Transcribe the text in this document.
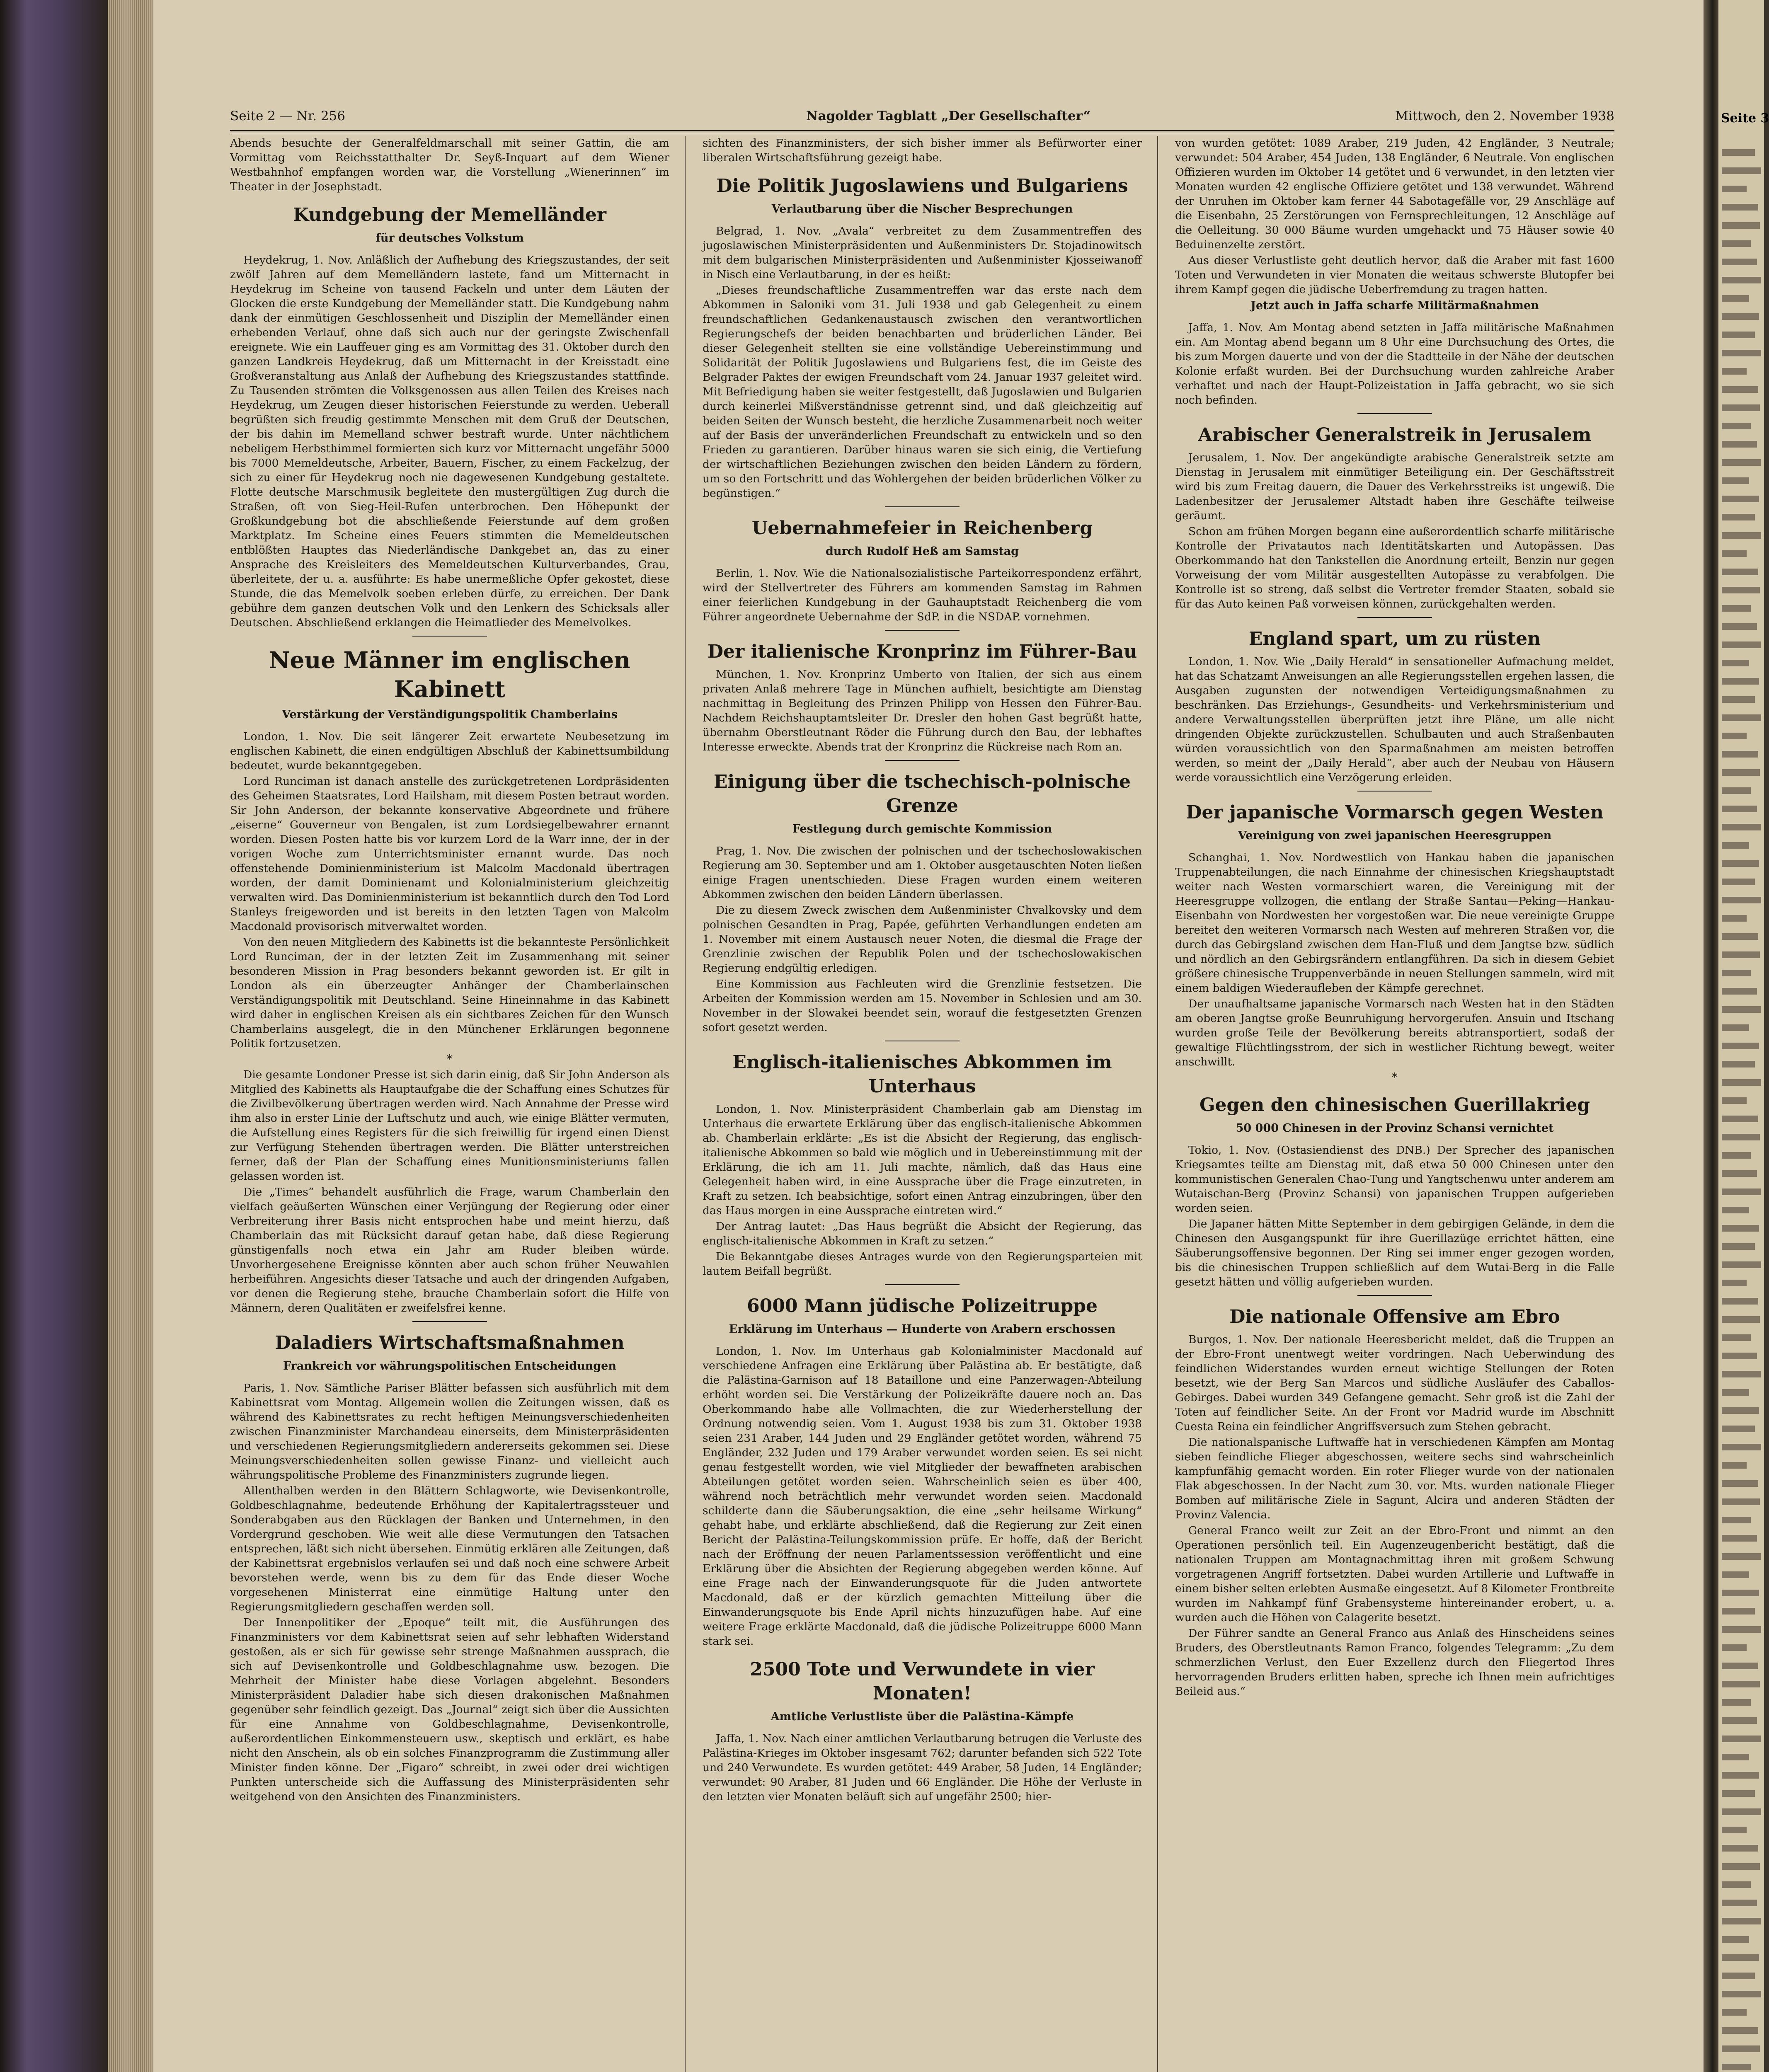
Seite 2 — Nr. 256	Nagolder Tagblatt „Der Gesellschafter“	Mittwoch, den 2. November 1938

Abends besuchte der Generalfeldmarschall mit seiner Gattin, die am Vormittag vom Reichsstatthalter Dr. Seyß-Inquart auf dem Wiener Westbahnhof empfangen worden war, die Vorstellung „Wienerinnen“ im Theater in der Josephstadt.

Kundgebung der Memelländer
für deutsches Volkstum

Heydekrug, 1. Nov. Anläßlich der Aufhebung des Kriegszustandes, der seit zwölf Jahren auf dem Memelländern lastete, fand um Mitternacht in Heydekrug im Scheine von tausend Fackeln und unter dem Läuten der Glocken die erste Kundgebung der Memelländer statt. Die Kundgebung nahm dank der einmütigen Geschlossenheit und Disziplin der Memelländer einen erhebenden Verlauf, ohne daß sich auch nur der geringste Zwischenfall ereignete. Wie ein Lauffeuer ging es am Vormittag des 31. Oktober durch den ganzen Landkreis Heydekrug, daß um Mitternacht in der Kreisstadt eine Großveranstaltung aus Anlaß der Aufhebung des Kriegszustandes stattfinde. Zu Tausenden strömten die Volksgenossen aus allen Teilen des Kreises nach Heydekrug, um Zeugen dieser historischen Feierstunde zu werden. Ueberall begrüßten sich freudig gestimmte Menschen mit dem Gruß der Deutschen, der bis dahin im Memelland schwer bestraft wurde. Unter nächtlichem nebeligem Herbsthimmel formierten sich kurz vor Mitternacht ungefähr 5000 bis 7000 Memeldeutsche, Arbeiter, Bauern, Fischer, zu einem Fackelzug, der sich zu einer für Heydekrug noch nie dagewesenen Kundgebung gestaltete. Flotte deutsche Marschmusik begleitete den mustergültigen Zug durch die Straßen, oft von Sieg-Heil-Rufen unterbrochen. Den Höhepunkt der Großkundgebung bot die abschließende Feierstunde auf dem großen Marktplatz. Im Scheine eines Feuers stimmten die Memeldeutschen entblößten Hauptes das Niederländische Dankgebet an, das zu einer Ansprache des Kreisleiters des Memeldeutschen Kulturverbandes, Grau, überleitete, der u. a. ausführte: Es habe unermeßliche Opfer gekostet, diese Stunde, die das Memelvolk soeben erleben dürfe, zu erreichen. Der Dank gebühre dem ganzen deutschen Volk und den Lenkern des Schicksals aller Deutschen. Abschließend erklangen die Heimatlieder des Memelvolkes.

Neue Männer im englischen Kabinett
Verstärkung der Verständigungspolitik Chamberlains

London, 1. Nov. Die seit längerer Zeit erwartete Neubesetzung im englischen Kabinett, die einen endgültigen Abschluß der Kabinettsumbildung bedeutet, wurde bekanntgegeben.

Lord Runciman ist danach anstelle des zurückgetretenen Lordpräsidenten des Geheimen Staatsrates, Lord Hailsham, mit diesem Posten betraut worden. Sir John Anderson, der bekannte konservative Abgeordnete und frühere „eiserne“ Gouverneur von Bengalen, ist zum Lordsiegelbewahrer ernannt worden. Diesen Posten hatte bis vor kurzem Lord de la Warr inne, der in der vorigen Woche zum Unterrichtsminister ernannt wurde. Das noch offenstehende Dominienministerium ist Malcolm Macdonald übertragen worden, der damit Dominienamt und Kolonialministerium gleichzeitig verwalten wird. Das Dominienministerium ist bekanntlich durch den Tod Lord Stanleys freigeworden und ist bereits in den letzten Tagen von Malcolm Macdonald provisorisch mitverwaltet worden.

Von den neuen Mitgliedern des Kabinetts ist die bekannteste Persönlichkeit Lord Runciman, der in der letzten Zeit im Zusammenhang mit seiner besonderen Mission in Prag besonders bekannt geworden ist. Er gilt in London als ein überzeugter Anhänger der Chamberlainschen Verständigungspolitik mit Deutschland. Seine Hineinnahme in das Kabinett wird daher in englischen Kreisen als ein sichtbares Zeichen für den Wunsch Chamberlains ausgelegt, die in den Münchener Erklärungen begonnene Politik fortzusetzen.

*

Die gesamte Londoner Presse ist sich darin einig, daß Sir John Anderson als Mitglied des Kabinetts als Hauptaufgabe die der Schaffung eines Schutzes für die Zivilbevölkerung übertragen werden wird. Nach Annahme der Presse wird ihm also in erster Linie der Luftschutz und auch, wie einige Blätter vermuten, die Aufstellung eines Registers für die sich freiwillig für irgend einen Dienst zur Verfügung Stehenden übertragen werden. Die Blätter unterstreichen ferner, daß der Plan der Schaffung eines Munitionsministeriums fallen gelassen worden ist.

Die „Times“ behandelt ausführlich die Frage, warum Chamberlain den vielfach geäußerten Wünschen einer Verjüngung der Regierung oder einer Verbreiterung ihrer Basis nicht entsprochen habe und meint hierzu, daß Chamberlain das mit Rücksicht darauf getan habe, daß diese Regierung günstigenfalls noch etwa ein Jahr am Ruder bleiben würde. Unvorhergesehene Ereignisse könnten aber auch schon früher Neuwahlen herbeiführen. Angesichts dieser Tatsache und auch der dringenden Aufgaben, vor denen die Regierung stehe, brauche Chamberlain sofort die Hilfe von Männern, deren Qualitäten er zweifelsfrei kenne.

Daladiers Wirtschaftsmaßnahmen
Frankreich vor währungspolitischen Entscheidungen

Paris, 1. Nov. Sämtliche Pariser Blätter befassen sich ausführlich mit dem Kabinettsrat vom Montag. Allgemein wollen die Zeitungen wissen, daß es während des Kabinettsrates zu recht heftigen Meinungsverschiedenheiten zwischen Finanzminister Marchandeau einerseits, dem Ministerpräsidenten und verschiedenen Regierungsmitgliedern andererseits gekommen sei. Diese Meinungsverschiedenheiten sollen gewisse Finanz- und vielleicht auch währungspolitische Probleme des Finanzministers zugrunde liegen.

Allenthalben werden in den Blättern Schlagworte, wie Devisenkontrolle, Goldbeschlagnahme, bedeutende Erhöhung der Kapitalertragssteuer und Sonderabgaben aus den Rücklagen der Banken und Unternehmen, in den Vordergrund geschoben. Wie weit alle diese Vermutungen den Tatsachen entsprechen, läßt sich nicht übersehen. Einmütig erklären alle Zeitungen, daß der Kabinettsrat ergebnislos verlaufen sei und daß noch eine schwere Arbeit bevorstehen werde, wenn bis zu dem für das Ende dieser Woche vorgesehenen Ministerrat eine einmütige Haltung unter den Regierungsmitgliedern geschaffen werden soll.

Der Innenpolitiker der „Epoque“ teilt mit, die Ausführungen des Finanzministers vor dem Kabinettsrat seien auf sehr lebhaften Widerstand gestoßen, als er sich für gewisse sehr strenge Maßnahmen aussprach, die sich auf Devisenkontrolle und Goldbeschlagnahme usw. bezogen. Die Mehrheit der Minister habe diese Vorlagen abgelehnt. Besonders Ministerpräsident Daladier habe sich diesen drakonischen Maßnahmen gegenüber sehr feindlich gezeigt. Das „Journal“ zeigt sich über die Aussichten für eine Annahme von Goldbeschlagnahme, Devisenkontrolle, außerordentlichen Einkommensteuern usw., skeptisch und erklärt, es habe nicht den Anschein, als ob ein solches Finanzprogramm die Zustimmung aller Minister finden könne. Der „Figaro“ schreibt, in zwei oder drei wichtigen Punkten unterscheide sich die Auffassung des Ministerpräsidenten sehr weitgehend von den Ansichten des Finanzministers.

sichten des Finanzministers, der sich bisher immer als Befürworter einer liberalen Wirtschaftsführung gezeigt habe.

Die Politik Jugoslawiens und Bulgariens
Verlautbarung über die Nischer Besprechungen

Belgrad, 1. Nov. „Avala“ verbreitet zu dem Zusammentreffen des jugoslawischen Ministerpräsidenten und Außenministers Dr. Stojadinowitsch mit dem bulgarischen Ministerpräsidenten und Außenminister Kjosseiwanoff in Nisch eine Verlautbarung, in der es heißt:

„Dieses freundschaftliche Zusammentreffen war das erste nach dem Abkommen in Saloniki vom 31. Juli 1938 und gab Gelegenheit zu einem freundschaftlichen Gedankenaustausch zwischen den verantwortlichen Regierungschefs der beiden benachbarten und brüderlichen Länder. Bei dieser Gelegenheit stellten sie eine vollständige Uebereinstimmung und Solidarität der Politik Jugoslawiens und Bulgariens fest, die im Geiste des Belgrader Paktes der ewigen Freundschaft vom 24. Januar 1937 geleitet wird. Mit Befriedigung haben sie weiter festgestellt, daß Jugoslawien und Bulgarien durch keinerlei Mißverständnisse getrennt sind, und daß gleichzeitig auf beiden Seiten der Wunsch besteht, die herzliche Zusammenarbeit noch weiter auf der Basis der unveränderlichen Freundschaft zu entwickeln und so den Frieden zu garantieren. Darüber hinaus waren sie sich einig, die Vertiefung der wirtschaftlichen Beziehungen zwischen den beiden Ländern zu fördern, um so den Fortschritt und das Wohlergehen der beiden brüderlichen Völker zu begünstigen.“

Uebernahmefeier in Reichenberg
durch Rudolf Heß am Samstag

Berlin, 1. Nov. Wie die Nationalsozialistische Parteikorrespondenz erfährt, wird der Stellvertreter des Führers am kommenden Samstag im Rahmen einer feierlichen Kundgebung in der Gauhauptstadt Reichenberg die vom Führer angeordnete Uebernahme der SdP. in die NSDAP. vornehmen.

Der italienische Kronprinz im Führer-Bau

München, 1. Nov. Kronprinz Umberto von Italien, der sich aus einem privaten Anlaß mehrere Tage in München aufhielt, besichtigte am Dienstag nachmittag in Begleitung des Prinzen Philipp von Hessen den Führer-Bau. Nachdem Reichshauptamtsleiter Dr. Dresler den hohen Gast begrüßt hatte, übernahm Oberstleutnant Röder die Führung durch den Bau, der lebhaftes Interesse erweckte. Abends trat der Kronprinz die Rückreise nach Rom an.

Einigung über die tschechisch-polnische Grenze
Festlegung durch gemischte Kommission

Prag, 1. Nov. Die zwischen der polnischen und der tschechoslowakischen Regierung am 30. September und am 1. Oktober ausgetauschten Noten ließen einige Fragen unentschieden. Diese Fragen wurden einem weiteren Abkommen zwischen den beiden Ländern überlassen.

Die zu diesem Zweck zwischen dem Außenminister Chvalkovsky und dem polnischen Gesandten in Prag, Papée, geführten Verhandlungen endeten am 1. November mit einem Austausch neuer Noten, die diesmal die Frage der Grenzlinie zwischen der Republik Polen und der tschechoslowakischen Regierung endgültig erledigen.

Eine Kommission aus Fachleuten wird die Grenzlinie festsetzen. Die Arbeiten der Kommission werden am 15. November in Schlesien und am 30. November in der Slowakei beendet sein, worauf die festgesetzten Grenzen sofort gesetzt werden.

Englisch-italienisches Abkommen im Unterhaus

London, 1. Nov. Ministerpräsident Chamberlain gab am Dienstag im Unterhaus die erwartete Erklärung über das englisch-italienische Abkommen ab. Chamberlain erklärte: „Es ist die Absicht der Regierung, das englisch-italienische Abkommen so bald wie möglich und in Uebereinstimmung mit der Erklärung, die ich am 11. Juli machte, nämlich, daß das Haus eine Gelegenheit haben wird, in eine Aussprache über die Frage einzutreten, in Kraft zu setzen. Ich beabsichtige, sofort einen Antrag einzubringen, über den das Haus morgen in eine Aussprache eintreten wird.“

Der Antrag lautet: „Das Haus begrüßt die Absicht der Regierung, das englisch-italienische Abkommen in Kraft zu setzen.“

Die Bekanntgabe dieses Antrages wurde von den Regierungsparteien mit lautem Beifall begrüßt.

6000 Mann jüdische Polizeitruppe
Erklärung im Unterhaus — Hunderte von Arabern erschossen

London, 1. Nov. Im Unterhaus gab Kolonialminister Macdonald auf verschiedene Anfragen eine Erklärung über Palästina ab. Er bestätigte, daß die Palästina-Garnison auf 18 Bataillone und eine Panzerwagen-Abteilung erhöht worden sei. Die Verstärkung der Polizeikräfte dauere noch an. Das Oberkommando habe alle Vollmachten, die zur Wiederherstellung der Ordnung notwendig seien. Vom 1. August 1938 bis zum 31. Oktober 1938 seien 231 Araber, 144 Juden und 29 Engländer getötet worden, während 75 Engländer, 232 Juden und 179 Araber verwundet worden seien. Es sei nicht genau festgestellt worden, wie viel Mitglieder der bewaffneten arabischen Abteilungen getötet worden seien. Wahrscheinlich seien es über 400, während noch beträchtlich mehr verwundet worden seien. Macdonald schilderte dann die Säuberungsaktion, die eine „sehr heilsame Wirkung“ gehabt habe, und erklärte abschließend, daß die Regierung zur Zeit einen Bericht der Palästina-Teilungskommission prüfe. Er hoffe, daß der Bericht nach der Eröffnung der neuen Parlamentssession veröffentlicht und eine Erklärung über die Absichten der Regierung abgegeben werden könne. Auf eine Frage nach der Einwanderungsquote für die Juden antwortete Macdonald, daß er der kürzlich gemachten Mitteilung über die Einwanderungsquote bis Ende April nichts hinzuzufügen habe. Auf eine weitere Frage erklärte Macdonald, daß die jüdische Polizeitruppe 6000 Mann stark sei.

2500 Tote und Verwundete in vier Monaten!
Amtliche Verlustliste über die Palästina-Kämpfe

Jaffa, 1. Nov. Nach einer amtlichen Verlautbarung betrugen die Verluste des Palästina-Krieges im Oktober insgesamt 762; darunter befanden sich 522 Tote und 240 Verwundete. Es wurden getötet: 449 Araber, 58 Juden, 14 Engländer; verwundet: 90 Araber, 81 Juden und 66 Engländer. Die Höhe der Verluste in den letzten vier Monaten beläuft sich auf ungefähr 2500; hier-

von wurden getötet: 1089 Araber, 219 Juden, 42 Engländer, 3 Neutrale; verwundet: 504 Araber, 454 Juden, 138 Engländer, 6 Neutrale. Von englischen Offizieren wurden im Oktober 14 getötet und 6 verwundet, in den letzten vier Monaten wurden 42 englische Offiziere getötet und 138 verwundet. Während der Unruhen im Oktober kam ferner 44 Sabotagefälle vor, 29 Anschläge auf die Eisenbahn, 25 Zerstörungen von Fernsprechleitungen, 12 Anschläge auf die Oelleitung. 30 000 Bäume wurden umgehackt und 75 Häuser sowie 40 Beduinenzelte zerstört.

Aus dieser Verlustliste geht deutlich hervor, daß die Araber mit fast 1600 Toten und Verwundeten in vier Monaten die weitaus schwerste Blutopfer bei ihrem Kampf gegen die jüdische Ueberfremdung zu tragen hatten.

Jetzt auch in Jaffa scharfe Militärmaßnahmen

Jaffa, 1. Nov. Am Montag abend setzten in Jaffa militärische Maßnahmen ein. Am Montag abend begann um 8 Uhr eine Durchsuchung des Ortes, die bis zum Morgen dauerte und von der die Stadtteile in der Nähe der deutschen Kolonie erfaßt wurden. Bei der Durchsuchung wurden zahlreiche Araber verhaftet und nach der Haupt-Polizeistation in Jaffa gebracht, wo sie sich noch befinden.

Arabischer Generalstreik in Jerusalem

Jerusalem, 1. Nov. Der angekündigte arabische Generalstreik setzte am Dienstag in Jerusalem mit einmütiger Beteiligung ein. Der Geschäftsstreit wird bis zum Freitag dauern, die Dauer des Verkehrsstreiks ist ungewiß. Die Ladenbesitzer der Jerusalemer Altstadt haben ihre Geschäfte teilweise geräumt.

Schon am frühen Morgen begann eine außerordentlich scharfe militärische Kontrolle der Privatautos nach Identitätskarten und Autopässen. Das Oberkommando hat den Tankstellen die Anordnung erteilt, Benzin nur gegen Vorweisung der vom Militär ausgestellten Autopässe zu verabfolgen. Die Kontrolle ist so streng, daß selbst die Vertreter fremder Staaten, sobald sie für das Auto keinen Paß vorweisen können, zurückgehalten werden.

England spart, um zu rüsten

London, 1. Nov. Wie „Daily Herald“ in sensationeller Aufmachung meldet, hat das Schatzamt Anweisungen an alle Regierungsstellen ergehen lassen, die Ausgaben zugunsten der notwendigen Verteidigungsmaßnahmen zu beschränken. Das Erziehungs-, Gesundheits- und Verkehrsministerium und andere Verwaltungsstellen überprüften jetzt ihre Pläne, um alle nicht dringenden Objekte zurückzustellen. Schulbauten und auch Straßenbauten würden voraussichtlich von den Sparmaßnahmen am meisten betroffen werden, so meint der „Daily Herald“, aber auch der Neubau von Häusern werde voraussichtlich eine Verzögerung erleiden.

Der japanische Vormarsch gegen Westen
Vereinigung von zwei japanischen Heeresgruppen

Schanghai, 1. Nov. Nordwestlich von Hankau haben die japanischen Truppenabteilungen, die nach Einnahme der chinesischen Kriegshauptstadt weiter nach Westen vormarschiert waren, die Vereinigung mit der Heeresgruppe vollzogen, die entlang der Straße Santau—Peking—Hankau-Eisenbahn von Nordwesten her vorgestoßen war. Die neue vereinigte Gruppe bereitet den weiteren Vormarsch nach Westen auf mehreren Straßen vor, die durch das Gebirgsland zwischen dem Han-Fluß und dem Jangtse bzw. südlich und nördlich an den Gebirgsrändern entlangführen. Da sich in diesem Gebiet größere chinesische Truppenverbände in neuen Stellungen sammeln, wird mit einem baldigen Wiederaufleben der Kämpfe gerechnet.

Der unaufhaltsame japanische Vormarsch nach Westen hat in den Städten am oberen Jangtse große Beunruhigung hervorgerufen. Ansuin und Itschang wurden große Teile der Bevölkerung bereits abtransportiert, sodaß der gewaltige Flüchtlingsstrom, der sich in westlicher Richtung bewegt, weiter anschwillt.

*
Gegen den chinesischen Guerillakrieg
50 000 Chinesen in der Provinz Schansi vernichtet

Tokio, 1. Nov. (Ostasiendienst des DNB.) Der Sprecher des japanischen Kriegsamtes teilte am Dienstag mit, daß etwa 50 000 Chinesen unter den kommunistischen Generalen Chao-Tung und Yangtschenwu unter anderem am Wutaischan-Berg (Provinz Schansi) von japanischen Truppen aufgerieben worden seien.

Die Japaner hätten Mitte September in dem gebirgigen Gelände, in dem die Chinesen den Ausgangspunkt für ihre Guerillazüge errichtet hätten, eine Säuberungsoffensive begonnen. Der Ring sei immer enger gezogen worden, bis die chinesischen Truppen schließlich auf dem Wutai-Berg in die Falle gesetzt hätten und völlig aufgerieben wurden.

Die nationale Offensive am Ebro

Burgos, 1. Nov. Der nationale Heeresbericht meldet, daß die Truppen an der Ebro-Front unentwegt weiter vordringen. Nach Ueberwindung des feindlichen Widerstandes wurden erneut wichtige Stellungen der Roten besetzt, wie der Berg San Marcos und südliche Ausläufer des Caballos-Gebirges. Dabei wurden 349 Gefangene gemacht. Sehr groß ist die Zahl der Toten auf feindlicher Seite. An der Front vor Madrid wurde im Abschnitt Cuesta Reina ein feindlicher Angriffsversuch zum Stehen gebracht.

Die nationalspanische Luftwaffe hat in verschiedenen Kämpfen am Montag sieben feindliche Flieger abgeschossen, weitere sechs sind wahrscheinlich kampfunfähig gemacht worden. Ein roter Flieger wurde von der nationalen Flak abgeschossen. In der Nacht zum 30. vor. Mts. wurden nationale Flieger Bomben auf militärische Ziele in Sagunt, Alcira und anderen Städten der Provinz Valencia.

General Franco weilt zur Zeit an der Ebro-Front und nimmt an den Operationen persönlich teil. Ein Augenzeugenbericht bestätigt, daß die nationalen Truppen am Montagnachmittag ihren mit großem Schwung vorgetragenen Angriff fortsetzten. Dabei wurden Artillerie und Luftwaffe in einem bisher selten erlebten Ausmaße eingesetzt. Auf 8 Kilometer Frontbreite wurden im Nahkampf fünf Grabensysteme hintereinander erobert, u. a. wurden auch die Höhen von Calagerite besetzt.

Der Führer sandte an General Franco aus Anlaß des Hinscheidens seines Bruders, des Oberstleutnants Ramon Franco, folgendes Telegramm: „Zu dem schmerzlichen Verlust, den Euer Exzellenz durch den Fliegertod Ihres hervorragenden Bruders erlitten haben, spreche ich Ihnen mein aufrichtiges Beileid aus.“

Seite 3
